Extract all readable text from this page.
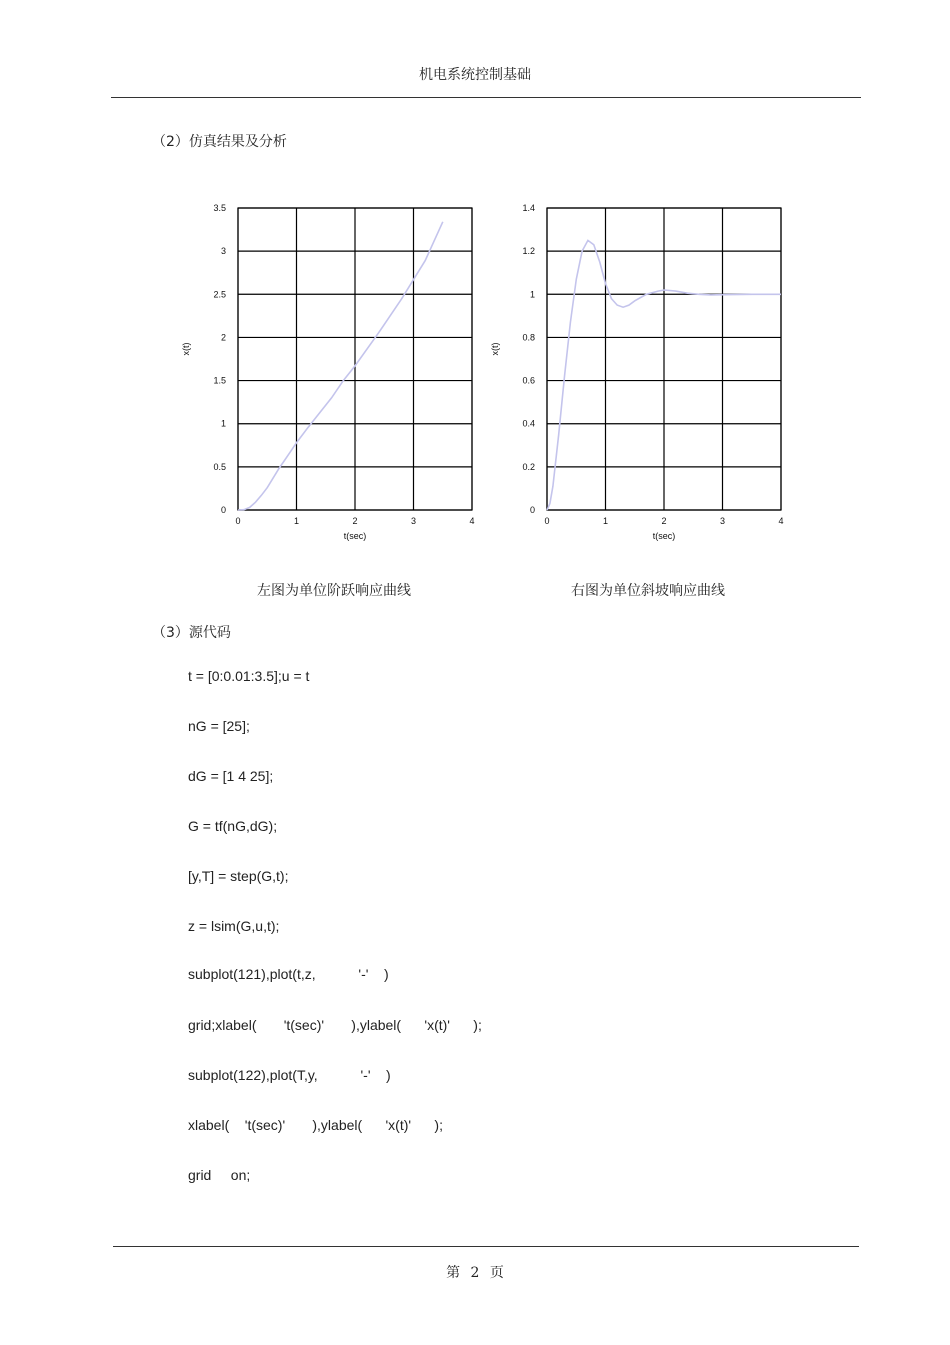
机电系统控制基础
（2）仿真结果及分析
0	1	2	3	4
0
0.5
1
1.5
2
2.5
3
3.5
t(sec)
x(t)
0	1	2	3	4
0
0.2
0.4
0.6
0.8
1
1.2
1.4
t(sec)
x(t)
左图为单位阶跃响应曲线	右图为单位斜坡响应曲线
（3）源代码
t = [0:0.01:3.5];u = t
nG = [25];
dG = [1 4 25];
G = tf(nG,dG);
[y,T] = step(G,t);
z = lsim(G,u,t);
subplot(121),plot(t,z,           '-'    )
grid;xlabel(       't(sec)'       ),ylabel(      'x(t)'      );
subplot(122),plot(T,y,           '-'    )
xlabel(    't(sec)'       ),ylabel(      'x(t)'      );
grid     on;
第 2 页
